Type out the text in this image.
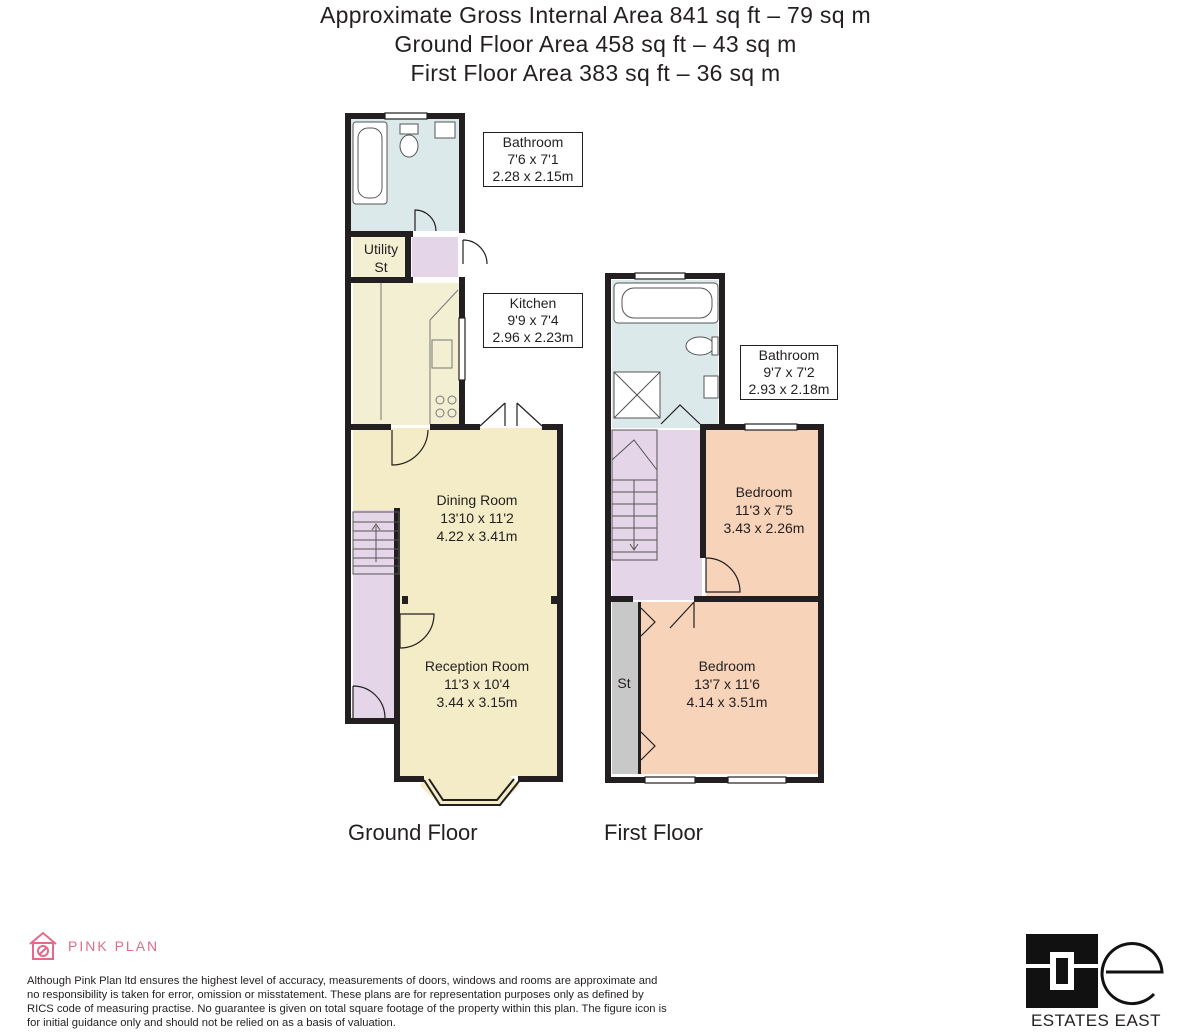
Approximate Gross Internal Area 841 sq ft – 79 sq m
Ground Floor Area 458 sq ft – 43 sq m
First Floor Area 383 sq ft – 36 sq m
Bathroom
7'6 x 7'1
2.28 x 2.15m
Utility
St
Kitchen
9'9 x 7'4
2.96 x 2.23m
Dining Room
13'10 x 11'2
4.22 x 3.41m
Reception Room
11'3 x 10'4
3.44 x 3.15m
Bathroom
9'7 x 7'2
2.93 x 2.18m
Bedroom
11'3 x 7'5
3.43 x 2.26m
Bedroom
13'7 x 11'6
4.14 x 3.51m
St
Ground Floor	First Floor
PINK PLAN
Although Pink Plan ltd ensures the highest level of accuracy, measurements of doors, windows and rooms are approximate and no responsibility is taken for error, omission or misstatement. These plans are for representation purposes only as defined by RICS code of measuring practise. No guarantee is given on total square footage of the property within this plan. The figure icon is for initial guidance only and should not be relied on as a basis of valuation.	ESTATES EAST
